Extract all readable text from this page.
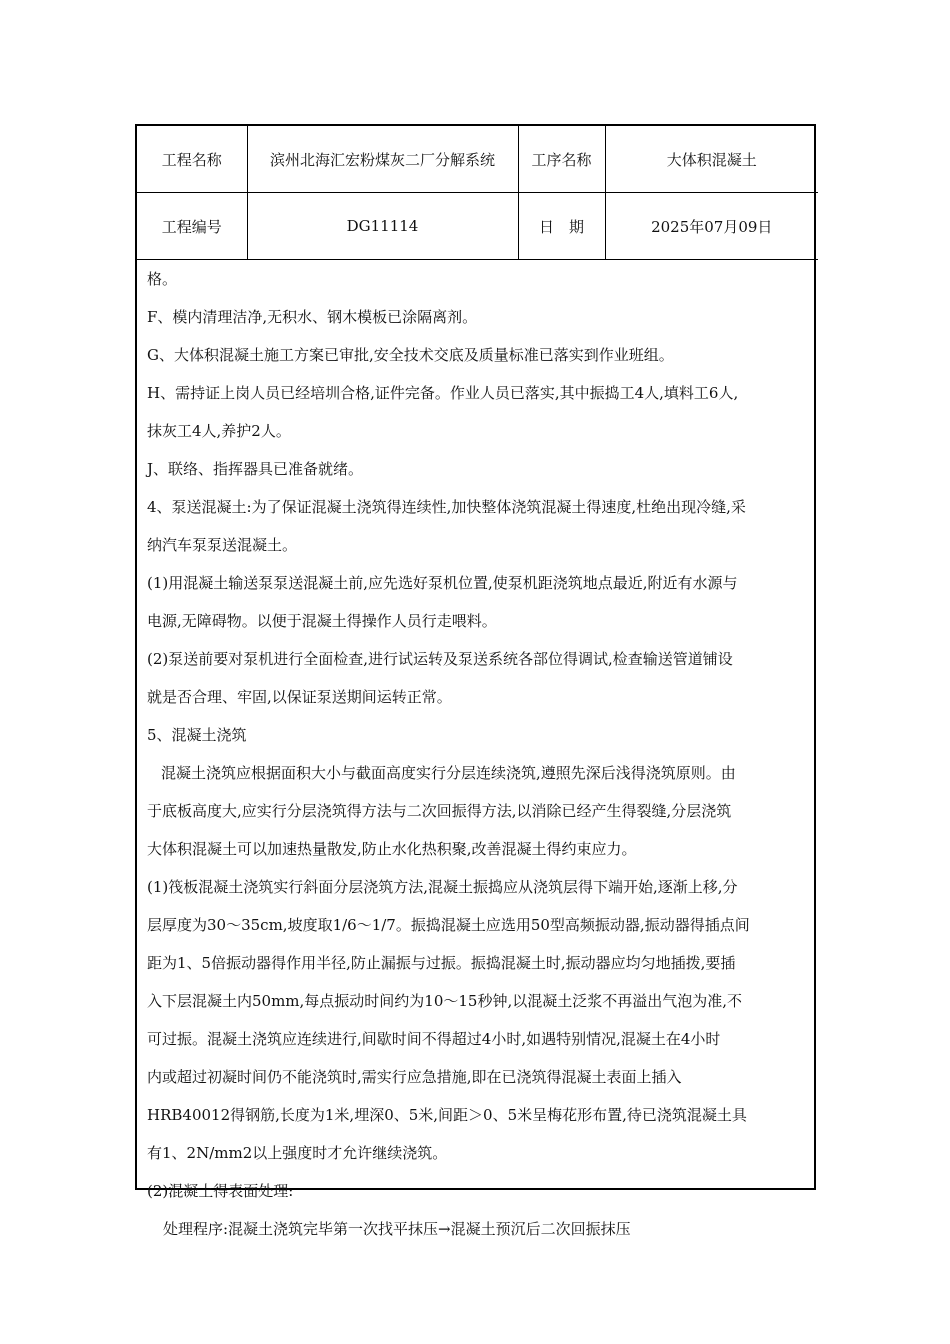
工程名称	滨州北海汇宏粉煤灰二厂分解系统	工序名称	大体积混凝土
工程编号	DG11114	日　期	2025年07月09日

格。

F、模内清理洁净,无积水、钢木模板已涂隔离剂。

G、大体积混凝土施工方案已审批,安全技术交底及质量标准已落实到作业班组。

H、需持证上岗人员已经培圳合格,证件完备。作业人员已落实,其中振捣工4人,填料工6人,

抹灰工4人,养护2人。

J、联络、指挥器具已准备就绪。

4、泵送混凝土:为了保证混凝土浇筑得连续性,加快整体浇筑混凝土得速度,杜绝出现冷缝,采

纳汽车泵泵送混凝土。

(1)用混凝土输送泵泵送混凝土前,应先选好泵机位置,使泵机距浇筑地点最近,附近有水源与

电源,无障碍物。以便于混凝土得操作人员行走喂料。

(2)泵送前要对泵机进行全面检查,进行试运转及泵送系统各部位得调试,检查输送管道铺设

就是否合理、牢固,以保证泵送期间运转正常。

5、混凝土浇筑

混凝土浇筑应根据面积大小与截面高度实行分层连续浇筑,遵照先深后浅得浇筑原则。由

于底板高度大,应实行分层浇筑得方法与二次回振得方法,以消除已经产生得裂缝,分层浇筑

大体积混凝土可以加速热量散发,防止水化热积聚,改善混凝土得约束应力。

(1)筏板混凝土浇筑实行斜面分层浇筑方法,混凝土振捣应从浇筑层得下端开始,逐渐上移,分

层厚度为30～35cm,坡度取1/6～1/7。振捣混凝土应选用50型高频振动器,振动器得插点间

距为1、5倍振动器得作用半径,防止漏振与过振。振捣混凝土时,振动器应均匀地插拨,要插

入下层混凝土内50mm,每点振动时间约为10～15秒钟,以混凝土泛浆不再溢出气泡为准,不

可过振。混凝土浇筑应连续进行,间歇时间不得超过4小时,如遇特别情况,混凝土在4小时

内或超过初凝时间仍不能浇筑时,需实行应急措施,即在已浇筑得混凝土表面上插入

HRB40012得钢筋,长度为1米,埋深0、5米,间距＞0、5米呈梅花形布置,待已浇筑混凝土具

有1、2N/mm2以上强度时才允许继续浇筑。

(2)混凝土得表面处理:

处理程序:混凝土浇筑完毕第一次找平抹压→混凝土预沉后二次回振抹压
